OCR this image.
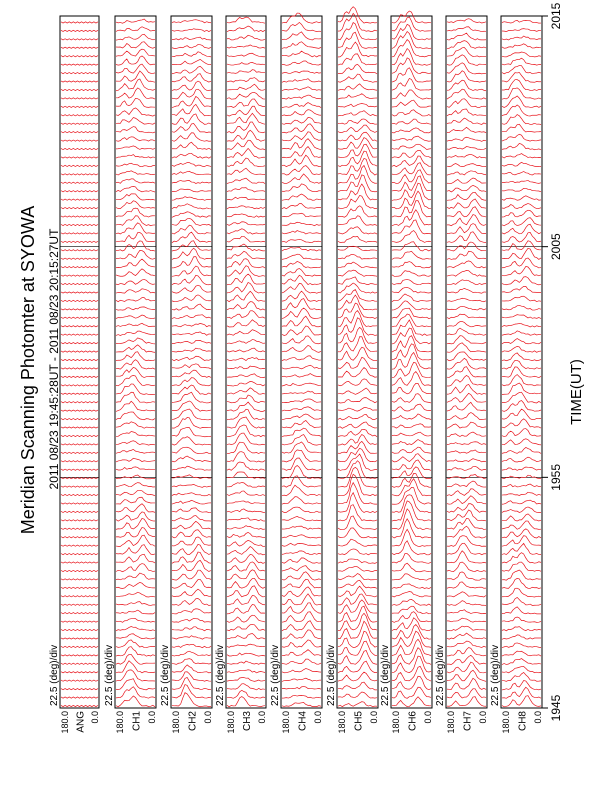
Meridian Scanning Photomter at SYOWA 2011 08/23 19:45:28UT - 2011 08/23 20:15:27UT
22.5 (deg)/div
ANG
180.0 0.0
22.5 (deg)/div
CH1
180.0 0.0
22.5 (deg)/div
CH2
180.0 0.0
22.5 (deg)/div
CH3
180.0 0.0
22.5 (deg)/div
CH4
180.0 0.0
22.5 (deg)/div
CH5
180.0 0.0
22.5 (deg)/div
CH6
180.0 0.0
22.5 (deg)/div
CH7
180.0 0.0
22.5 (deg)/div
CH8
180.0 0.0 1945
1955
2005
2015
TIME(UT)
